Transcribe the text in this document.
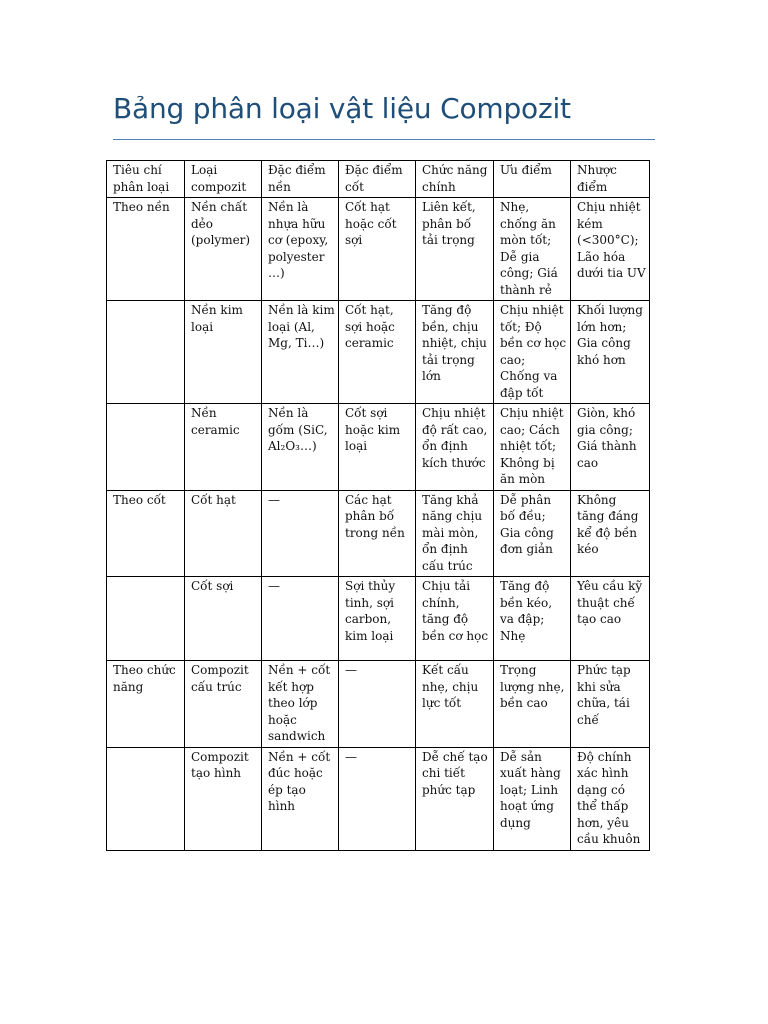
Bảng phân loại vật liệu Compozit
Tiêu chí phân loại	Loại compozit	Đặc điểm nền	Đặc điểm cốt	Chức năng chính	Ưu điểm	Nhược điểm

Theo nền	Nền chất dẻo (polymer)	Nền là nhựa hữu cơ (epoxy, polyester …)	Cốt hạt hoặc cốt sợi	Liên kết, phân bố tải trọng	Nhẹ, chống ăn mòn tốt; Dễ gia công; Giá thành rẻ	Chịu nhiệt kém (<300°C); Lão hóa dưới tia UV

	Nền kim loại	Nền là kim loại (Al, Mg, Ti…)	Cốt hạt, sợi hoặc ceramic	Tăng độ bền, chịu nhiệt, chịu tải trọng lớn	Chịu nhiệt tốt; Độ bền cơ học cao; Chống va đập tốt	Khối lượng lớn hơn; Gia công khó hơn

	Nền ceramic	Nền là gốm (SiC, Al₂O₃…)	Cốt sợi hoặc kim loại	Chịu nhiệt độ rất cao, ổn định kích thước	Chịu nhiệt cao; Cách nhiệt tốt; Không bị ăn mòn	Giòn, khó gia công; Giá thành cao

Theo cốt	Cốt hạt	—	Các hạt phân bố trong nền	Tăng khả năng chịu mài mòn, ổn định cấu trúc	Dễ phân bố đều; Gia công đơn giản	Không tăng đáng kể độ bền kéo

	Cốt sợi	—	Sợi thủy tinh, sợi carbon, kim loại	Chịu tải chính, tăng độ bền cơ học	Tăng độ bền kéo, va đập; Nhẹ	Yêu cầu kỹ thuật chế tạo cao

Theo chức năng	Compozit cấu trúc	Nền + cốt kết hợp theo lớp hoặc sandwich	—	Kết cấu nhẹ, chịu lực tốt	Trọng lượng nhẹ, bền cao	Phức tạp khi sửa chữa, tái chế

	Compozit tạo hình	Nền + cốt đúc hoặc ép tạo hình	—	Dễ chế tạo chi tiết phức tạp	Dễ sản xuất hàng loạt; Linh hoạt ứng dụng	Độ chính xác hình dạng có thể thấp hơn, yêu cầu khuôn
